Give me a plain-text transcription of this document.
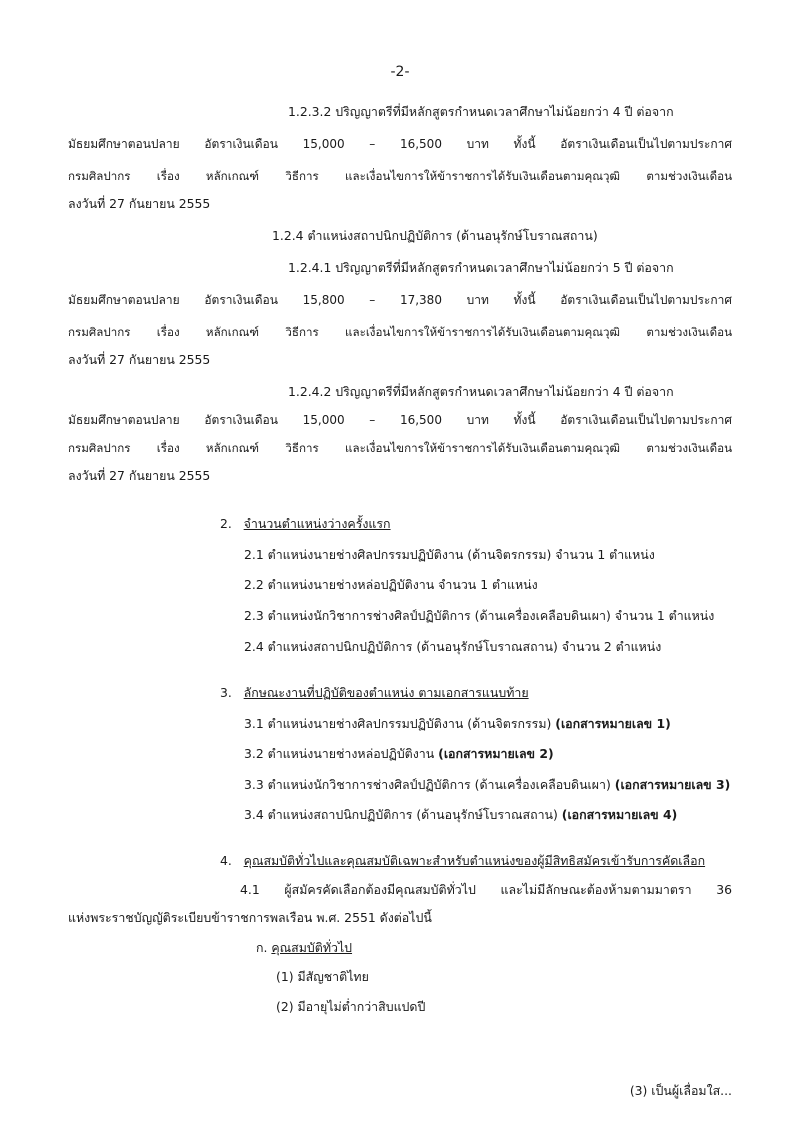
-2-
1.2.3.2 ปริญญาตรีที่มีหลักสูตรกำหนดเวลาศึกษาไม่น้อยกว่า 4 ปี ต่อจาก
มัธยมศึกษาตอนปลาย อัตราเงินเดือน 15,000 – 16,500 บาท ทั้งนี้ อัตราเงินเดือนเป็นไปตามประกาศ
กรมศิลปากร เรื่อง หลักเกณฑ์ วิธีการ และเงื่อนไขการให้ข้าราชการได้รับเงินเดือนตามคุณวุฒิ ตามช่วงเงินเดือน
ลงวันที่ 27 กันยายน 2555
1.2.4 ตำแหน่งสถาปนิกปฏิบัติการ (ด้านอนุรักษ์โบราณสถาน)
1.2.4.1 ปริญญาตรีที่มีหลักสูตรกำหนดเวลาศึกษาไม่น้อยกว่า 5 ปี ต่อจาก
มัธยมศึกษาตอนปลาย อัตราเงินเดือน 15,800 – 17,380 บาท ทั้งนี้ อัตราเงินเดือนเป็นไปตามประกาศ
กรมศิลปากร เรื่อง หลักเกณฑ์ วิธีการ และเงื่อนไขการให้ข้าราชการได้รับเงินเดือนตามคุณวุฒิ ตามช่วงเงินเดือน
ลงวันที่ 27 กันยายน 2555
1.2.4.2 ปริญญาตรีที่มีหลักสูตรกำหนดเวลาศึกษาไม่น้อยกว่า 4 ปี ต่อจาก
มัธยมศึกษาตอนปลาย อัตราเงินเดือน 15,000 – 16,500 บาท ทั้งนี้ อัตราเงินเดือนเป็นไปตามประกาศ
กรมศิลปากร เรื่อง หลักเกณฑ์ วิธีการ และเงื่อนไขการให้ข้าราชการได้รับเงินเดือนตามคุณวุฒิ ตามช่วงเงินเดือน
ลงวันที่ 27 กันยายน 2555
2. จำนวนตำแหน่งว่างครั้งแรก
2.1 ตำแหน่งนายช่างศิลปกรรมปฏิบัติงาน (ด้านจิตรกรรม) จำนวน 1 ตำแหน่ง
2.2 ตำแหน่งนายช่างหล่อปฏิบัติงาน จำนวน 1 ตำแหน่ง
2.3 ตำแหน่งนักวิชาการช่างศิลป์ปฏิบัติการ (ด้านเครื่องเคลือบดินเผา) จำนวน 1 ตำแหน่ง
2.4 ตำแหน่งสถาปนิกปฏิบัติการ (ด้านอนุรักษ์โบราณสถาน) จำนวน 2 ตำแหน่ง
3. ลักษณะงานที่ปฏิบัติของตำแหน่ง ตามเอกสารแนบท้าย
3.1 ตำแหน่งนายช่างศิลปกรรมปฏิบัติงาน (ด้านจิตรกรรม) (เอกสารหมายเลข 1)
3.2 ตำแหน่งนายช่างหล่อปฏิบัติงาน (เอกสารหมายเลข 2)
3.3 ตำแหน่งนักวิชาการช่างศิลป์ปฏิบัติการ (ด้านเครื่องเคลือบดินเผา) (เอกสารหมายเลข 3)
3.4 ตำแหน่งสถาปนิกปฏิบัติการ (ด้านอนุรักษ์โบราณสถาน) (เอกสารหมายเลข 4)
4. คุณสมบัติทั่วไปและคุณสมบัติเฉพาะสำหรับตำแหน่งของผู้มีสิทธิสมัครเข้ารับการคัดเลือก
4.1 ผู้สมัครคัดเลือกต้องมีคุณสมบัติทั่วไป และไม่มีลักษณะต้องห้ามตามมาตรา 36
แห่งพระราชบัญญัติระเบียบข้าราชการพลเรือน พ.ศ. 2551 ดังต่อไปนี้
ก. คุณสมบัติทั่วไป
(1) มีสัญชาติไทย
(2) มีอายุไม่ต่ำกว่าสิบแปดปี
(3) เป็นผู้เลื่อมใส...
